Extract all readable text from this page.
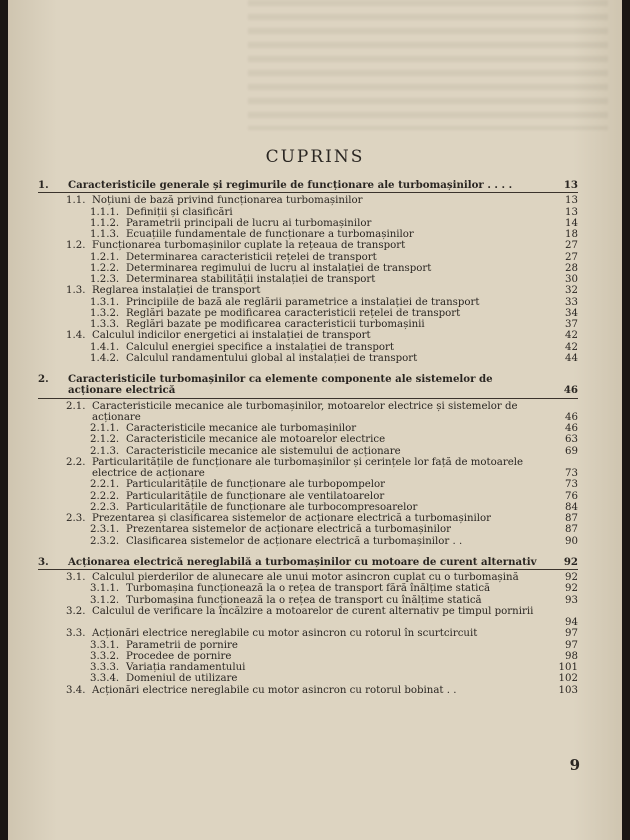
CUPRINS
1. Caracteristicile generale și regimurile de funcționare ale turbomașinilor . . . .	13
1.1. Noțiuni de bază privind funcționarea turbomașinilor	13
1.1.1. Definiții și clasificări	13
1.1.2. Parametrii principali de lucru ai turbomașinilor	14
1.1.3. Ecuațiile fundamentale de funcționare a turbomașinilor	18
1.2. Funcționarea turbomașinilor cuplate la rețeaua de transport	27
1.2.1. Determinarea caracteristicii rețelei de transport	27
1.2.2. Determinarea regimului de lucru al instalației de transport	28
1.2.3. Determinarea stabilității instalației de transport	30
1.3. Reglarea instalației de transport	32
1.3.1. Principiile de bază ale reglării parametrice a instalației de transport	33
1.3.2. Reglări bazate pe modificarea caracteristicii rețelei de transport	34
1.3.3. Reglări bazate pe modificarea caracteristicii turbomașinii	37
1.4. Calculul indicilor energetici ai instalației de transport	42
1.4.1. Calculul energiei specifice a instalației de transport	42
1.4.2. Calculul randamentului global al instalației de transport	44
2. Caracteristicile turbomașinilor ca elemente componente ale sistemelor de acționare electrică	46
2.1. Caracteristicile mecanice ale turbomașinilor, motoarelor electrice și sistemelor de acționare	46
2.1.1. Caracteristicile mecanice ale turbomașinilor	46
2.1.2. Caracteristicile mecanice ale motoarelor electrice	63
2.1.3. Caracteristicile mecanice ale sistemului de acționare	69
2.2. Particularitățile de funcționare ale turbomașinilor și cerințele lor față de motoarele electrice de acționare	73
2.2.1. Particularitățile de funcționare ale turbopompelor	73
2.2.2. Particularitățile de funcționare ale ventilatoarelor	76
2.2.3. Particularitățile de funcționare ale turbocompresoarelor	84
2.3. Prezentarea și clasificarea sistemelor de acționare electrică a turbomașinilor	87
2.3.1. Prezentarea sistemelor de acționare electrică a turbomașinilor	87
2.3.2. Clasificarea sistemelor de acționare electrică a turbomașinilor . .	90
3. Acționarea electrică nereglabilă a turbomașinilor cu motoare de curent alternativ	92
3.1. Calculul pierderilor de alunecare ale unui motor asincron cuplat cu o turbomașină	92
3.1.1. Turbomașina funcționează la o rețea de transport fără înălțime statică	92
3.1.2. Turbomașina funcționează la o rețea de transport cu înălțime statică	93
3.2. Calculul de verificare la încălzire a motoarelor de curent alternativ pe timpul pornirii
94
3.3. Acționări electrice nereglabile cu motor asincron cu rotorul în scurtcircuit	97
3.3.1. Parametrii de pornire	97
3.3.2. Procedee de pornire	98
3.3.3. Variația randamentului	101
3.3.4. Domeniul de utilizare	102
3.4. Acționări electrice nereglabile cu motor asincron cu rotorul bobinat . .	103
9
